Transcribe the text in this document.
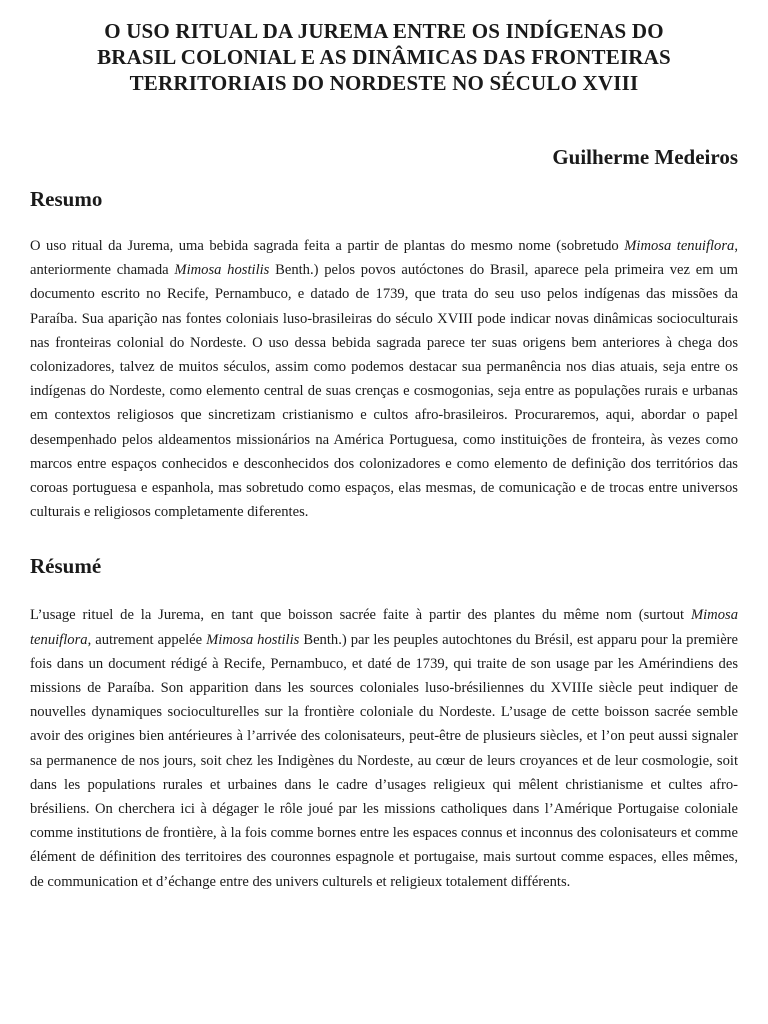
O USO RITUAL DA JUREMA ENTRE OS INDÍGENAS DO
BRASIL COLONIAL E AS DINÂMICAS DAS FRONTEIRAS
TERRITORIAIS DO NORDESTE NO SÉCULO XVIII
Guilherme Medeiros
Resumo

O uso ritual da Jurema, uma bebida sagrada feita a partir de plantas do mesmo nome (sobretudo Mimosa tenuiflora, anteriormente chamada Mimosa hostilis Benth.) pelos povos autóctones do Brasil, aparece pela primeira vez em um documento escrito no Recife, Pernambuco, e datado de 1739, que trata do seu uso pelos indígenas das missões da Paraíba. Sua aparição nas fontes coloniais luso-brasileiras do século XVIII pode indicar novas dinâmicas socioculturais nas fronteiras colonial do Nordeste. O uso dessa bebida sagrada parece ter suas origens bem anteriores à chega dos colonizadores, talvez de muitos séculos, assim como podemos destacar sua permanência nos dias atuais, seja entre os indígenas do Nordeste, como elemento central de suas crenças e cosmogonias, seja entre as populações rurais e urbanas em contextos religiosos que sincretizam cristianismo e cultos afro-brasileiros. Procuraremos, aqui, abordar o papel desempenhado pelos aldeamentos missionários na América Portuguesa, como instituições de fronteira, às vezes como marcos entre espaços conhecidos e desconhecidos dos colonizadores e como elemento de definição dos territórios das coroas portuguesa e espanhola, mas sobretudo como espaços, elas mesmas, de comunicação e de trocas entre universos culturais e religiosos completamente diferentes.

Résumé

L’usage rituel de la Jurema, en tant que boisson sacrée faite à partir des plantes du même nom (surtout Mimosa tenuiflora, autrement appelée Mimosa hostilis Benth.) par les peuples autochtones du Brésil, est apparu pour la première fois dans un document rédigé à Recife, Pernambuco, et daté de 1739, qui traite de son usage par les Amérindiens des missions de Paraíba. Son apparition dans les sources coloniales luso-brésiliennes du XVIIIe siècle peut indiquer de nouvelles dynamiques socioculturelles sur la frontière coloniale du Nordeste. L’usage de cette boisson sacrée semble avoir des origines bien antérieures à l’arrivée des colonisateurs, peut-être de plusieurs siècles, et l’on peut aussi signaler sa permanence de nos jours, soit chez les Indigènes du Nordeste, au cœur de leurs croyances et de leur cosmologie, soit dans les populations rurales et urbaines dans le cadre d’usages religieux qui mêlent christianisme et cultes afro-brésiliens. On cherchera ici à dégager le rôle joué par les missions catholiques dans l’Amérique Portugaise coloniale comme institutions de frontière, à la fois comme bornes entre les espaces connus et inconnus des colonisateurs et comme élément de définition des territoires des couronnes espagnole et portugaise, mais surtout comme espaces, elles mêmes, de communication et d’échange entre des univers culturels et religieux totalement différents.
